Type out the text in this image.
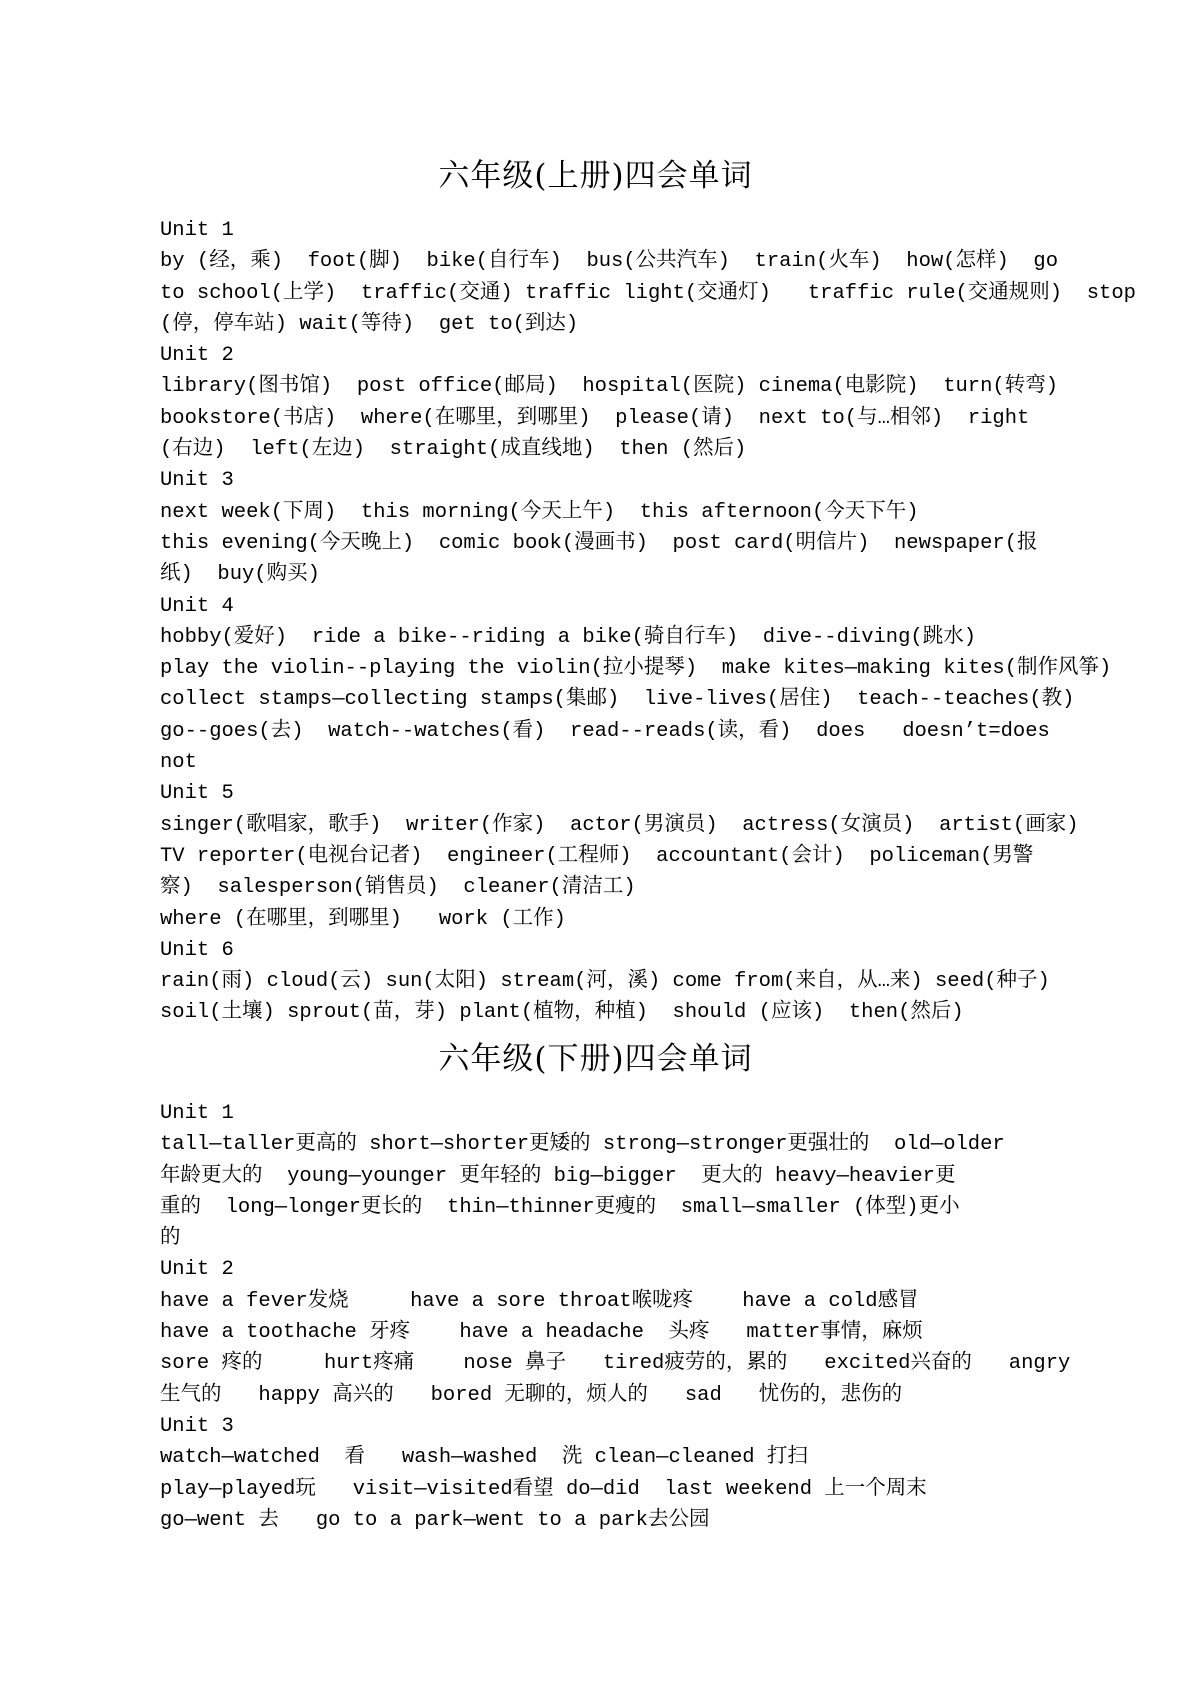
六年级(上册)四会单词
Unit 1
by (经，乘)  foot(脚)  bike(自行车)  bus(公共汽车)  train(火车)  how(怎样)  go
to school(上学)  traffic(交通) traffic light(交通灯)   traffic rule(交通规则)  stop
(停，停车站) wait(等待)  get to(到达)
Unit 2
library(图书馆)  post office(邮局)  hospital(医院) cinema(电影院)  turn(转弯)
bookstore(书店)  where(在哪里，到哪里)  please(请)  next to(与…相邻)  right
(右边)  left(左边)  straight(成直线地)  then (然后)
Unit 3
next week(下周)  this morning(今天上午)  this afternoon(今天下午)
this evening(今天晚上)  comic book(漫画书)  post card(明信片)  newspaper(报
纸)  buy(购买)
Unit 4
hobby(爱好)  ride a bike--riding a bike(骑自行车)  dive--diving(跳水)
play the violin--playing the violin(拉小提琴)  make kites—making kites(制作风筝)
collect stamps—collecting stamps(集邮)  live-lives(居住)  teach--teaches(教)
go--goes(去)  watch--watches(看)  read--reads(读，看)  does   doesn’t=does
not
Unit 5
singer(歌唱家，歌手)  writer(作家)  actor(男演员)  actress(女演员)  artist(画家)
TV reporter(电视台记者)  engineer(工程师)  accountant(会计)  policeman(男警
察)  salesperson(销售员)  cleaner(清洁工)
where (在哪里，到哪里)   work (工作)
Unit 6
rain(雨) cloud(云) sun(太阳) stream(河，溪) come from(来自，从…来) seed(种子)
soil(土壤) sprout(苗，芽) plant(植物，种植)  should (应该)  then(然后)
六年级(下册)四会单词
Unit 1
tall—taller更高的 short—shorter更矮的 strong—stronger更强壮的  old—older
年龄更大的  young—younger 更年轻的 big—bigger  更大的 heavy—heavier更
重的  long—longer更长的  thin—thinner更瘦的  small—smaller (体型)更小
的
Unit 2
have a fever发烧     have a sore throat喉咙疼    have a cold感冒
have a toothache 牙疼    have a headache  头疼   matter事情，麻烦
sore 疼的     hurt疼痛    nose 鼻子   tired疲劳的，累的   excited兴奋的   angry
生气的   happy 高兴的   bored 无聊的，烦人的   sad   忧伤的，悲伤的
Unit 3
watch—watched  看   wash—washed  洗 clean—cleaned 打扫
play—played玩   visit—visited看望 do—did  last weekend 上一个周末
go—went 去   go to a park—went to a park去公园
